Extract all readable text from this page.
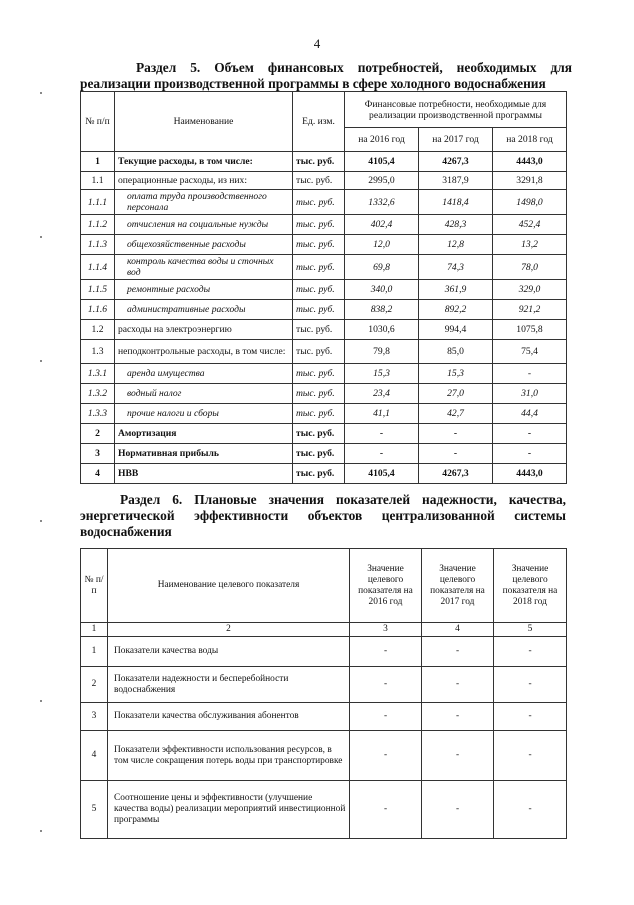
4
Раздел 5. Объем финансовых потребностей, необходимых для
реализации производственной программы в сфере холодного водоснабжения
№ п/п	Наименование	Ед. изм.	Финансовые потребности, необходимые для реализации производственной программы		
			на 2016 год	на 2017 год	на 2018 год
1	Текущие расходы, в том числе:	тыс. руб.	4105,4	4267,3	4443,0
1.1	операционные расходы, из них:	тыс. руб.	2995,0	3187,9	3291,8
1.1.1	оплата труда производственного персонала	тыс. руб.	1332,6	1418,4	1498,0
1.1.2	отчисления на социальные нужды	тыс. руб.	402,4	428,3	452,4
1.1.3	общехозяйственные расходы	тыс. руб.	12,0	12,8	13,2
1.1.4	контроль качества воды и сточных вод	тыс. руб.	69,8	74,3	78,0
1.1.5	ремонтные расходы	тыс. руб.	340,0	361,9	329,0
1.1.6	административные расходы	тыс. руб.	838,2	892,2	921,2
1.2	расходы на электроэнергию	тыс. руб.	1030,6	994,4	1075,8
1.3	неподконтрольные расходы, в том числе:	тыс. руб.	79,8	85,0	75,4
1.3.1	аренда имущества	тыс. руб.	15,3	15,3	-
1.3.2	водный налог	тыс. руб.	23,4	27,0	31,0
1.3.3	прочие налоги и сборы	тыс. руб.	41,1	42,7	44,4
2	Амортизация	тыс. руб.	-	-	-
3	Нормативная прибыль	тыс. руб.	-	-	-
4	НВВ	тыс. руб.	4105,4	4267,3	4443,0
Раздел 6. Плановые значения показателей надежности, качества,
энергетической эффективности объектов централизованной системы
водоснабжения
№ п/п	Наименование целевого показателя	Значение целевого показателя на 2016 год	Значение целевого показателя на 2017 год	Значение целевого показателя на 2018 год
1	2	3	4	5
1	Показатели качества воды	-	-	-
2	Показатели надежности и бесперебойности водоснабжения	-	-	-
3	Показатели качества обслуживания абонентов	-	-	-
4	Показатели эффективности использования ресурсов, в том числе сокращения потерь воды при транспортировке	-	-	-
5	Соотношение цены и эффективности (улучшение качества воды) реализации мероприятий инвестиционной программы	-	-	-
